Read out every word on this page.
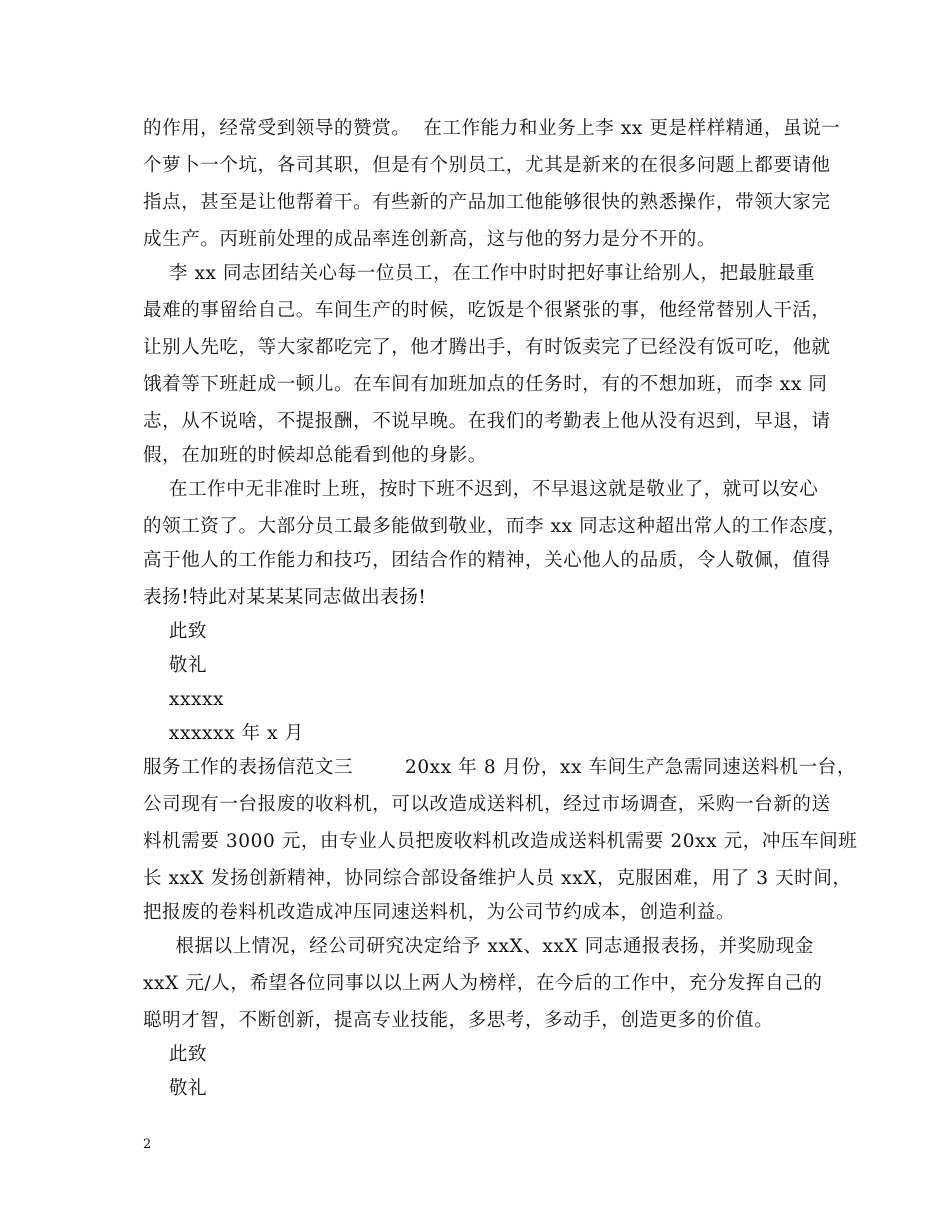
的作用，经常受到领导的赞赏。  在工作能力和业务上李 xx 更是样样精通，虽说一
个萝卜一个坑，各司其职，但是有个别员工，尤其是新来的在很多问题上都要请他
指点，甚至是让他帮着干。有些新的产品加工他能够很快的熟悉操作，带领大家完
成生产。丙班前处理的成品率连创新高，这与他的努力是分不开的。
李 xx 同志团结关心每一位员工，在工作中时时把好事让给别人，把最脏最重
最难的事留给自己。车间生产的时候，吃饭是个很紧张的事，他经常替别人干活，
让别人先吃，等大家都吃完了，他才腾出手，有时饭卖完了已经没有饭可吃，他就
饿着等下班赶成一顿儿。在车间有加班加点的任务时，有的不想加班，而李 xx 同
志，从不说啥，不提报酬，不说早晚。在我们的考勤表上他从没有迟到，早退，请
假，在加班的时候却总能看到他的身影。
在工作中无非准时上班，按时下班不迟到，不早退这就是敬业了，就可以安心
的领工资了。大部分员工最多能做到敬业，而李 xx 同志这种超出常人的工作态度，
高于他人的工作能力和技巧，团结合作的精神，关心他人的品质，令人敬佩，值得
表扬!特此对某某某同志做出表扬!
此致
敬礼
xxxxx
xxxxxx 年 x 月
服务工作的表扬信范文三        20xx 年 8 月份，xx 车间生产急需同速送料机一台，
公司现有一台报废的收料机，可以改造成送料机，经过市场调查，采购一台新的送
料机需要 3000 元，由专业人员把废收料机改造成送料机需要 20xx 元，冲压车间班
长 xxX 发扬创新精神，协同综合部设备维护人员 xxX，克服困难，用了 3 天时间，
把报废的卷料机改造成冲压同速送料机，为公司节约成本，创造利益。
根据以上情况，经公司研究决定给予 xxX、xxX 同志通报表扬，并奖励现金
xxX 元/人，希望各位同事以以上两人为榜样，在今后的工作中，充分发挥自己的
聪明才智，不断创新，提高专业技能，多思考，多动手，创造更多的价值。
此致
敬礼
2
